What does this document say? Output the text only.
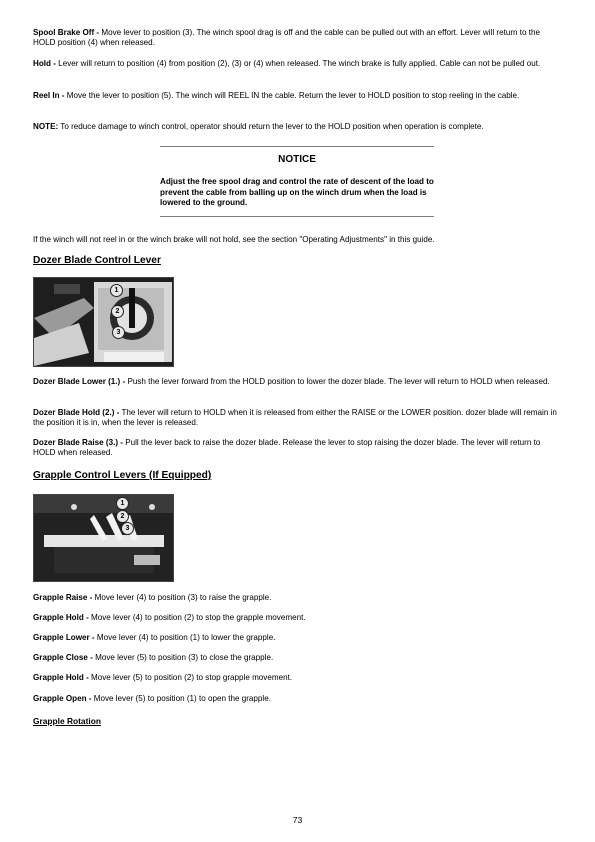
Spool Brake Off - Move lever to position (3). The winch spool drag is off and the cable can be pulled out with an effort. Lever will return to the HOLD position (4) when released.

Hold - Lever will return to position (4) from position (2), (3) or (4) when released. The winch brake is fully applied. Cable can not be pulled out.

Reel In - Move the lever to position (5). The winch will REEL IN the cable. Return the lever to HOLD position to stop reeling in the cable.

NOTE: To reduce damage to winch control, operator should return the lever to the HOLD position when operation is complete.

NOTICE
Adjust the free spool drag and control the rate of descent of the load to prevent the cable from balling up on the winch drum when the load is lowered to the ground.

If the winch will not reel in or the winch brake will not hold, see the section "Operating Adjustments" in this guide.

Dozer Blade Control Lever
1
2
3

Dozer Blade Lower (1.) - Push the lever forward from the HOLD position to lower the dozer blade. The lever will return to HOLD when released.

Dozer Blade Hold (2.) - The lever will return to HOLD when it is released from either the RAISE or the LOWER position. dozer blade will remain in the position it is in, when the lever is released.

Dozer Blade Raise (3.) - Pull the lever back to raise the dozer blade. Release the lever to stop raising the dozer blade. The lever will return to HOLD when released.

Grapple Control Levers (If Equipped)
1
2
3

Grapple Raise - Move lever (4) to position (3) to raise the grapple.

Grapple Hold - Move lever (4) to position (2) to stop the grapple movement.

Grapple Lower - Move lever (4) to position (1) to lower the grapple.

Grapple Close - Move lever (5) to position (3) to close the grapple.

Grapple Hold - Move lever (5) to position (2) to stop grapple movement.

Grapple Open - Move lever (5) to position (1) to open the grapple.

Grapple Rotation
73
